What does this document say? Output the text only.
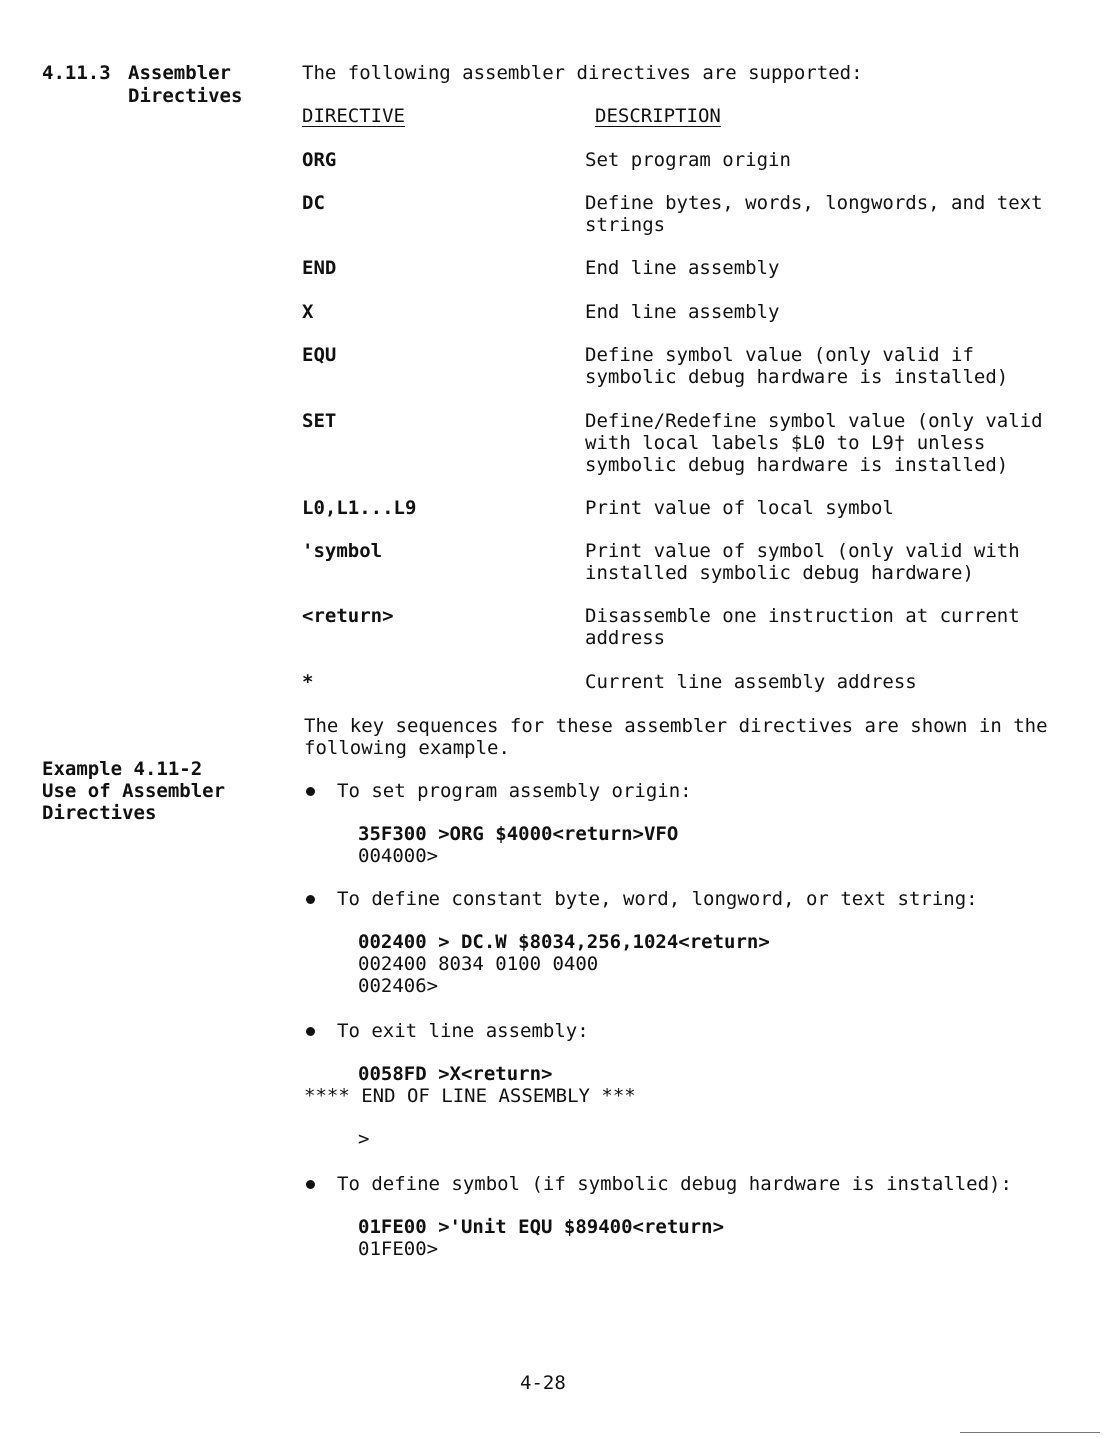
4.11.3 Assembler
Directives
The following assembler directives are supported:
DIRECTIVE	DESCRIPTION
ORG	Set program origin
DC	Define bytes, words, longwords, and text
strings
END	End line assembly
X	End line assembly
EQU	Define symbol value (only valid if
symbolic debug hardware is installed)
SET	Define/Redefine symbol value (only valid
with local labels $L0 to L9† unless
symbolic debug hardware is installed)
L0,L1...L9	Print value of local symbol
'symbol	Print value of symbol (only valid with
installed symbolic debug hardware)
<return>	Disassemble one instruction at current
address
*	Current line assembly address
The key sequences for these assembler directives are shown in the
following example.
Example 4.11-2
Use of Assembler
Directives
To set program assembly origin:
35F300 >ORG $4000<return>VFO
004000>
To define constant byte, word, longword, or text string:
002400 > DC.W $8034,256,1024<return>
002400 8034 0100 0400
002406>
To exit line assembly:
0058FD >X<return>
**** END OF LINE ASSEMBLY ***
>
To define symbol (if symbolic debug hardware is installed):
01FE00 >'Unit EQU $89400<return>
01FE00>
4-28
